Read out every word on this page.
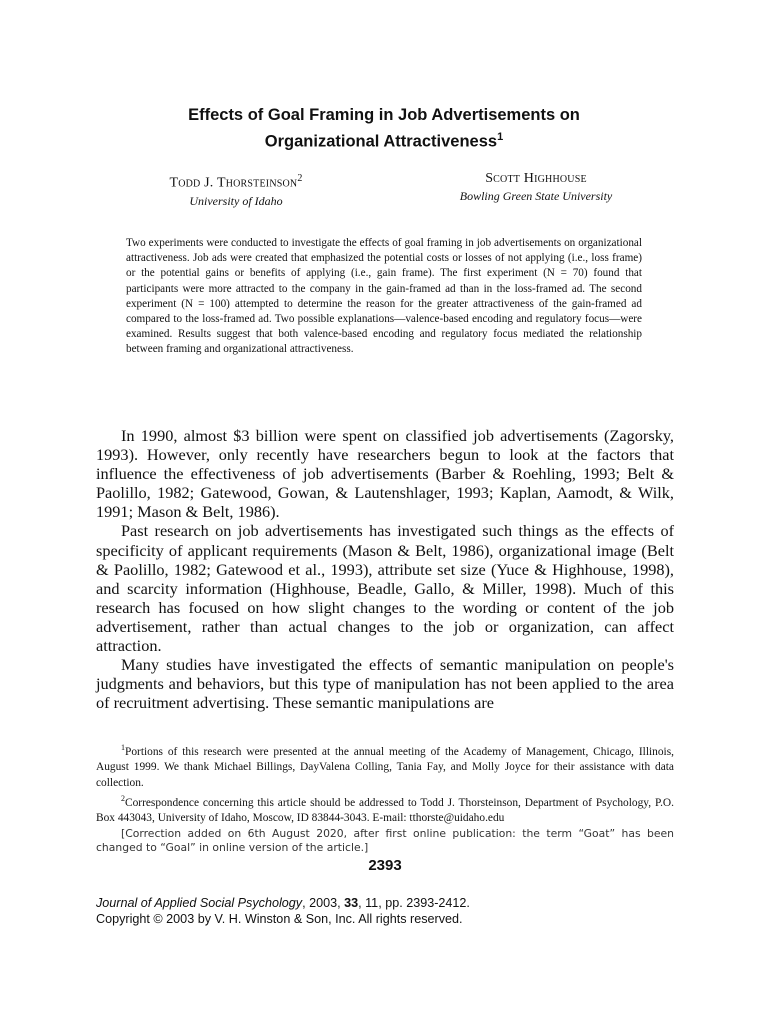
Effects of Goal Framing in Job Advertisements on

Organizational Attractiveness$^1$

Todd J. Thorsteinson$^2$
University of Idaho
Scott Highhouse
Bowling Green State University

Two experiments were conducted to investigate the effects of goal framing in job advertisements on organizational attractiveness. Job ads were created that emphasized the potential costs or losses of not applying (i.e., loss frame) or the potential gains or benefits of applying (i.e., gain frame). The first experiment (N = 70) found that participants were more attracted to the company in the gain-framed ad than in the loss-framed ad. The second experiment (N = 100) attempted to determine the reason for the greater attractiveness of the gain-framed ad compared to the loss-framed ad. Two possible explanations—valence-based encoding and regulatory focus—were examined. Results suggest that both valence-based encoding and regulatory focus mediated the relationship between framing and organizational attractiveness.

In 1990, almost $3 billion were spent on classified job advertisements (Zagorsky, 1993). However, only recently have researchers begun to look at the factors that influence the effectiveness of job advertisements (Barber & Roehling, 1993; Belt & Paolillo, 1982; Gatewood, Gowan, & Lautenshlager, 1993; Kaplan, Aamodt, & Wilk, 1991; Mason & Belt, 1986).

Past research on job advertisements has investigated such things as the effects of specificity of applicant requirements (Mason & Belt, 1986), organizational image (Belt & Paolillo, 1982; Gatewood et al., 1993), attribute set size (Yuce & Highhouse, 1998), and scarcity information (Highhouse, Beadle, Gallo, & Miller, 1998). Much of this research has focused on how slight changes to the wording or content of the job advertisement, rather than actual changes to the job or organization, can affect attraction.

Many studies have investigated the effects of semantic manipulation on people's judgments and behaviors, but this type of manipulation has not been applied to the area of recruitment advertising. These semantic manipulations are

$^1$Portions of this research were presented at the annual meeting of the Academy of Management, Chicago, Illinois, August 1999. We thank Michael Billings, DayValena Colling, Tania Fay, and Molly Joyce for their assistance with data collection.

$^2$Correspondence concerning this article should be addressed to Todd J. Thorsteinson, Department of Psychology, P.O. Box 443043, University of Idaho, Moscow, ID 83844-3043. E-mail: tthorste@uidaho.edu

[Correction added on 6th August 2020, after first online publication: the term “Goat” has been changed to “Goal” in online version of the article.]

2393

Journal of Applied Social Psychology, 2003, 33, 11, pp. 2393-2412.

Copyright © 2003 by V. H. Winston & Son, Inc. All rights reserved.
